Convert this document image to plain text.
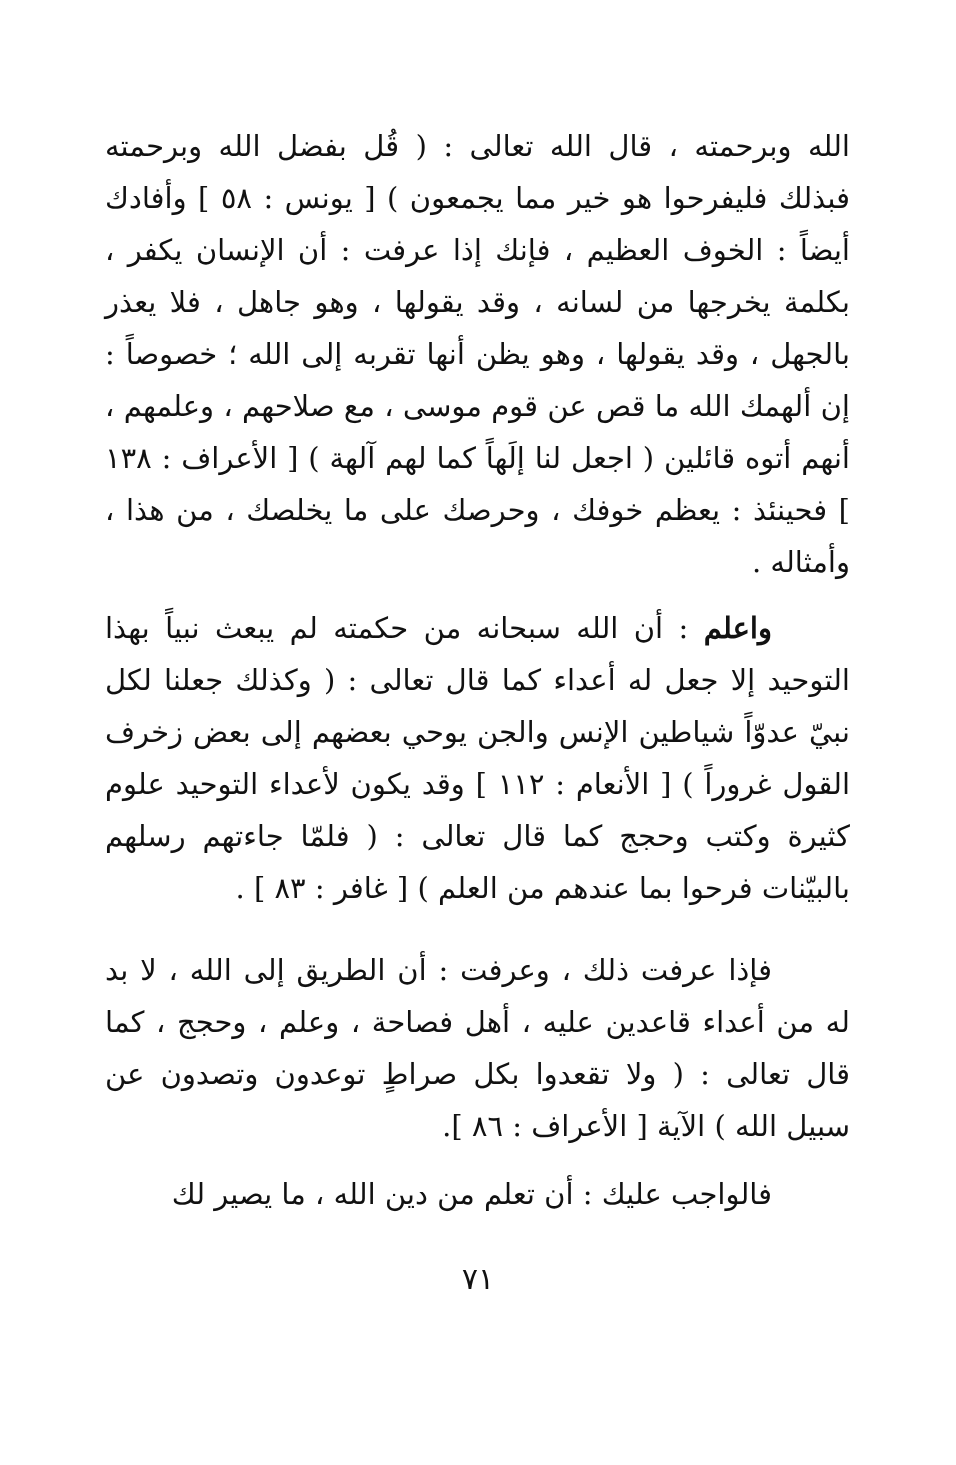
الله وبرحمته ، قال الله تعالى : ( قُل بفضل الله وبرحمته فبذلك فليفرحوا هو خير مما يجمعون ) [ يونس : ٥٨ ] وأفادك أيضاً : الخوف العظيم ، فإنك إذا عرفت : أن الإنسان يكفر ، بكلمة يخرجها من لسانه ، وقد يقولها ، وهو جاهل ، فلا يعذر بالجهل ، وقد يقولها ، وهو يظن أنها تقربه إلى الله ؛ خصوصاً : إن ألهمك الله ما قص عن قوم موسى ، مع صلاحهم ، وعلمهم ، أنهم أتوه قائلين ( اجعل لنا إلَهاً كما لهم آلهة ) [ الأعراف : ١٣٨ ] فحينئذ : يعظم خوفك ، وحرصك على ما يخلصك ، من هذا ، وأمثاله .

واعلم : أن الله سبحانه من حكمته لم يبعث نبياً بهذا التوحيد إلا جعل له أعداء كما قال تعالى : ( وكذلك جعلنا لكل نبيّ عدوّاً شياطين الإنس والجن يوحي بعضهم إلى بعض زخرف القول غروراً ) [ الأنعام : ١١٢ ] وقد يكون لأعداء التوحيد علوم كثيرة وكتب وحجج كما قال تعالى : ( فلمّا جاءتهم رسلهم بالبيّنات فرحوا بما عندهم من العلم ) [ غافر : ٨٣ ] .

فإذا عرفت ذلك ، وعرفت : أن الطريق إلى الله ، لا بد له من أعداء قاعدين عليه ، أهل فصاحة ، وعلم ، وحجج ، كما قال تعالى : ( ولا تقعدوا بكل صراطٍ توعدون وتصدون عن سبيل الله ) الآية [ الأعراف : ٨٦ ].

فالواجب عليك : أن تعلم من دين الله ، ما يصير لك

٧١
